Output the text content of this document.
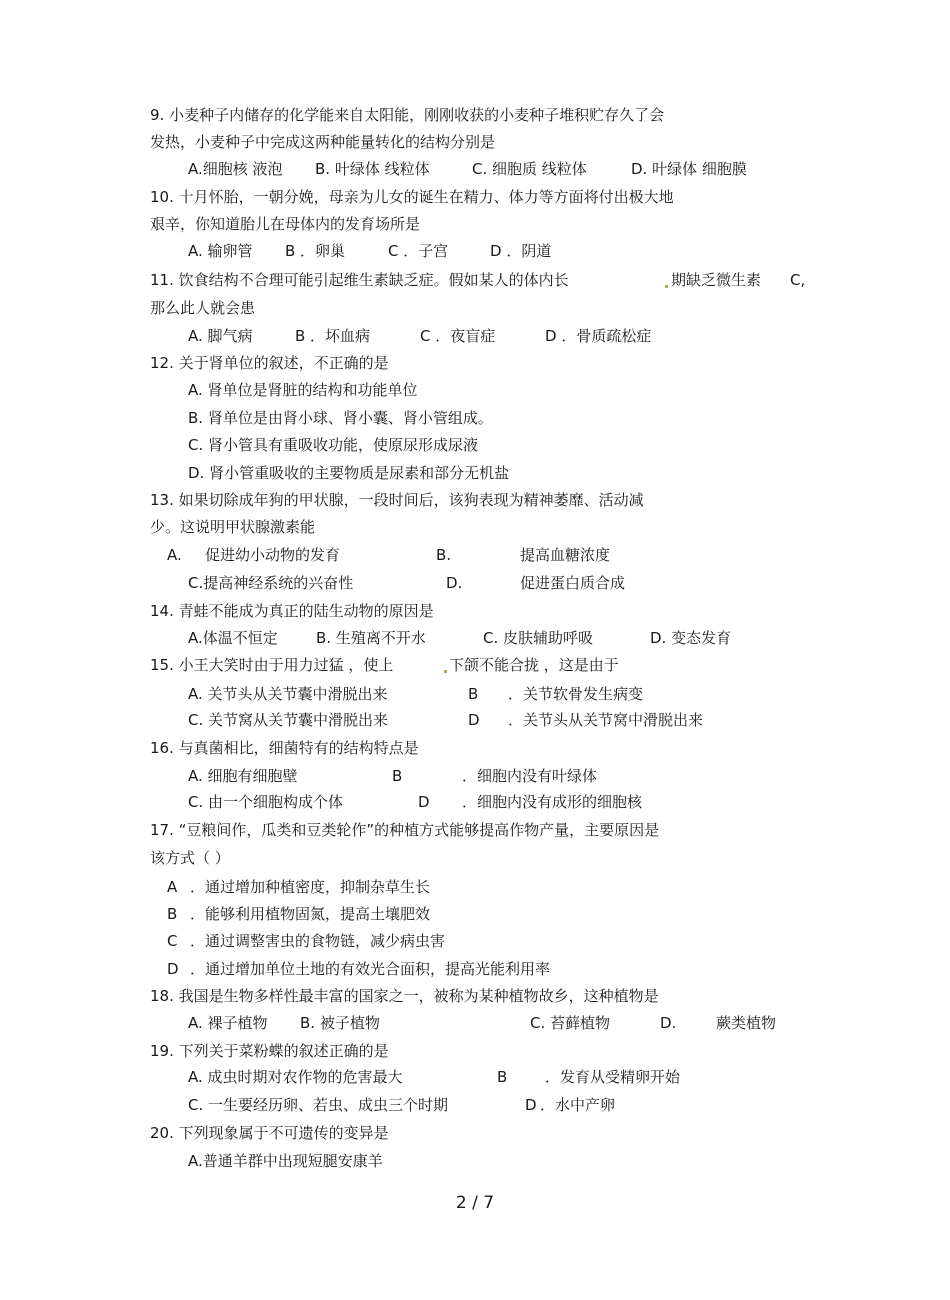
9. 小麦种子内储存的化学能来自太阳能，刚刚收获的小麦种子堆积贮存久了会
发热，小麦种子中完成这两种能量转化的结构分别是
A.细胞核 液泡 B. 叶绿体 线粒体	C. 细胞质 线粒体	D. 叶绿体 细胞膜
10. 十月怀胎，一朝分娩，母亲为儿女的诞生在精力、体力等方面将付出极大地
艰辛，你知道胎儿在母体内的发育场所是
A. 输卵管 B ．卵巢	C ．子宫	D ．阴道
11. 饮食结构不合理可能引起维生素缺乏症。假如某人的体内长	期缺乏微生素 C,
那么此人就会患
A. 脚气病	B ．坏血病	C ．夜盲症	D ．骨质疏松症
12. 关于肾单位的叙述，不正确的是
A. 肾单位是肾脏的结构和功能单位
B. 肾单位是由肾小球、肾小囊、肾小管组成。
C. 肾小管具有重吸收功能，使原尿形成尿液
D. 肾小管重吸收的主要物质是尿素和部分无机盐
13. 如果切除成年狗的甲状腺，一段时间后，该狗表现为精神萎靡、活动减
少。这说明甲状腺激素能
A. 促进幼小动物的发育	B.	提高血糖浓度
C.提高神经系统的兴奋性	D.	促进蛋白质合成
14. 青蛙不能成为真正的陆生动物的原因是
A.体温不恒定	B. 生殖离不开水	C. 皮肤辅助呼吸	D. 变态发育
15. 小王大笑时由于用力过猛 ，使上	下颌不能合拢 ，这是由于
A. 关节头从关节囊中滑脱出来	B ．关节软骨发生病变
C. 关节窝从关节囊中滑脱出来	D ．关节头从关节窝中滑脱出来
16. 与真菌相比，细菌特有的结构特点是
A. 细胞有细胞壁	B	．细胞内没有叶绿体
C. 由一个细胞构成个体	D ．细胞内没有成形的细胞核
17. “豆粮间作，瓜类和豆类轮作”的种植方式能够提高作物产量，主要原因是
该方式（ ）
A ．通过增加种植密度，抑制杂草生长
B ．能够利用植物固氮，提高土壤肥效
C ．通过调整害虫的食物链，减少病虫害
D ．通过增加单位土地的有效光合面积，提高光能利用率
18. 我国是生物多样性最丰富的国家之一，被称为某种植物故乡，这种植物是
A. 裸子植物 B. 被子植物	C. 苔藓植物	D.	蕨类植物
19. 下列关于菜粉蝶的叙述正确的是
A. 成虫时期对农作物的危害最大	B	．发育从受精卵开始
C. 一生要经历卵、若虫、成虫三个时期	D ．水中产卵
20. 下列现象属于不可遗传的变异是
A.普通羊群中出现短腿安康羊
2 / 7
